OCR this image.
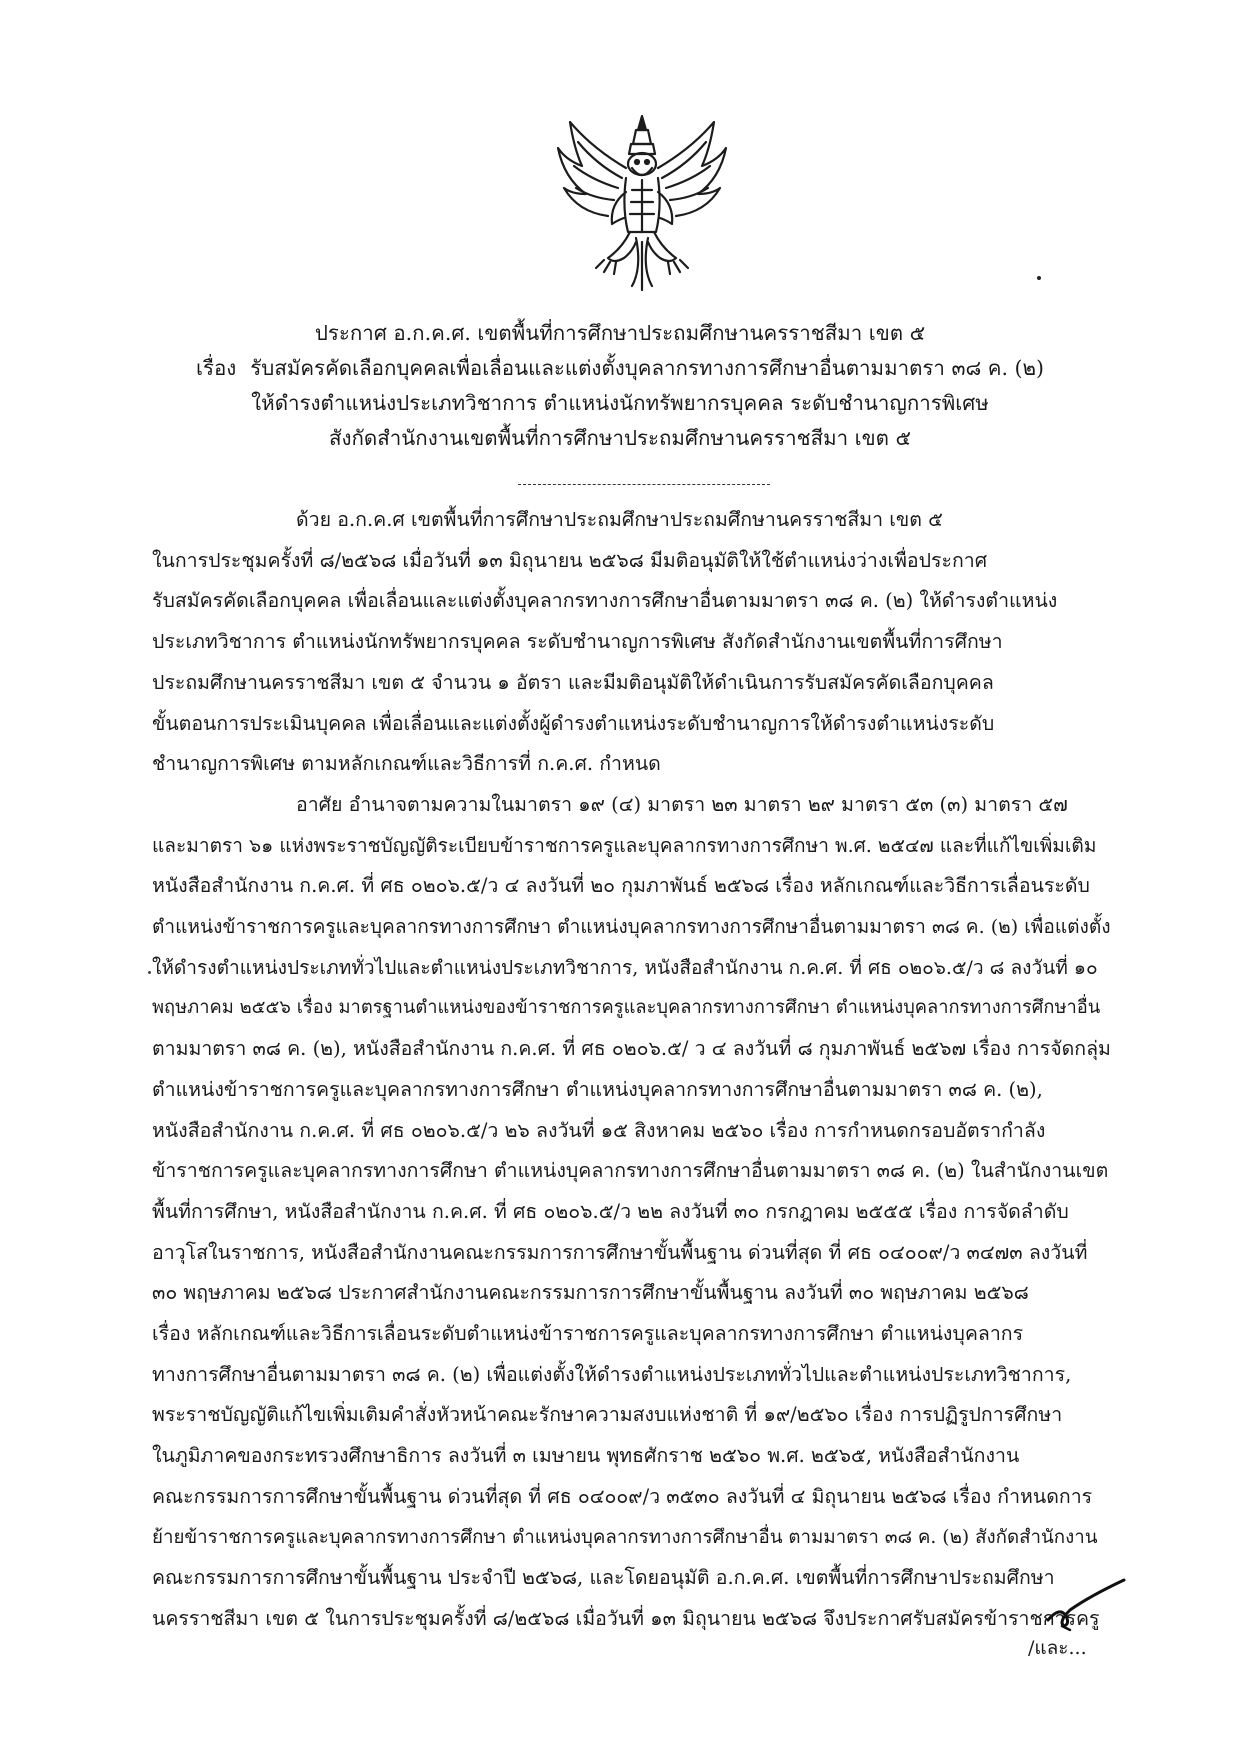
ประกาศ อ.ก.ค.ศ. เขตพื้นที่การศึกษาประถมศึกษานครราชสีมา เขต ๕
เรื่อง รับสมัครคัดเลือกบุคคลเพื่อเลื่อนและแต่งตั้งบุคลากรทางการศึกษาอื่นตามมาตรา ๓๘ ค. (๒)
ให้ดำรงตำแหน่งประเภทวิชาการ ตำแหน่งนักทรัพยากรบุคคล ระดับชำนาญการพิเศษ
สังกัดสำนักงานเขตพื้นที่การศึกษาประถมศึกษานครราชสีมา เขต ๕
ด้วย อ.ก.ค.ศ เขตพื้นที่การศึกษาประถมศึกษาประถมศึกษานครราชสีมา เขต ๕
ในการประชุมครั้งที่ ๘/๒๕๖๘ เมื่อวันที่ ๑๓ มิถุนายน ๒๕๖๘ มีมติอนุมัติให้ใช้ตำแหน่งว่างเพื่อประกาศ
รับสมัครคัดเลือกบุคคล เพื่อเลื่อนและแต่งตั้งบุคลากรทางการศึกษาอื่นตามมาตรา ๓๘ ค. (๒) ให้ดำรงตำแหน่ง
ประเภทวิชาการ ตำแหน่งนักทรัพยากรบุคคล ระดับชำนาญการพิเศษ สังกัดสำนักงานเขตพื้นที่การศึกษา
ประถมศึกษานครราชสีมา เขต ๕ จำนวน ๑ อัตรา และมีมติอนุมัติให้ดำเนินการรับสมัครคัดเลือกบุคคล
ขั้นตอนการประเมินบุคคล เพื่อเลื่อนและแต่งตั้งผู้ดำรงตำแหน่งระดับชำนาญการให้ดำรงตำแหน่งระดับ
ชำนาญการพิเศษ ตามหลักเกณฑ์และวิธีการที่ ก.ค.ศ. กำหนด
อาศัย อำนาจตามความในมาตรา ๑๙ (๔) มาตรา ๒๓ มาตรา ๒๙ มาตรา ๕๓ (๓) มาตรา ๕๗
และมาตรา ๖๑ แห่งพระราชบัญญัติระเบียบข้าราชการครูและบุคลากรทางการศึกษา พ.ศ. ๒๕๔๗ และที่แก้ไขเพิ่มเติม
หนังสือสำนักงาน ก.ค.ศ. ที่ ศธ ๐๒๐๖.๕/ว ๔ ลงวันที่ ๒๐ กุมภาพันธ์ ๒๕๖๘ เรื่อง หลักเกณฑ์และวิธีการเลื่อนระดับ
ตำแหน่งข้าราชการครูและบุคลากรทางการศึกษา ตำแหน่งบุคลากรทางการศึกษาอื่นตามมาตรา ๓๘ ค. (๒) เพื่อแต่งตั้ง
ให้ดำรงตำแหน่งประเภททั่วไปและตำแหน่งประเภทวิชาการ, หนังสือสำนักงาน ก.ค.ศ. ที่ ศธ ๐๒๐๖.๕/ว ๘ ลงวันที่ ๑๐
พฤษภาคม ๒๕๕๖ เรื่อง มาตรฐานตำแหน่งของข้าราชการครูและบุคลากรทางการศึกษา ตำแหน่งบุคลากรทางการศึกษาอื่น
ตามมาตรา ๓๘ ค. (๒), หนังสือสำนักงาน ก.ค.ศ. ที่ ศธ ๐๒๐๖.๕/ ว ๔ ลงวันที่ ๘ กุมภาพันธ์ ๒๕๖๗ เรื่อง การจัดกลุ่ม
ตำแหน่งข้าราชการครูและบุคลากรทางการศึกษา ตำแหน่งบุคลากรทางการศึกษาอื่นตามมาตรา ๓๘ ค. (๒),
หนังสือสำนักงาน ก.ค.ศ. ที่ ศธ ๐๒๐๖.๕/ว ๒๖ ลงวันที่ ๑๕ สิงหาคม ๒๕๖๐ เรื่อง การกำหนดกรอบอัตรากำลัง
ข้าราชการครูและบุคลากรทางการศึกษา ตำแหน่งบุคลากรทางการศึกษาอื่นตามมาตรา ๓๘ ค. (๒) ในสำนักงานเขต
พื้นที่การศึกษา, หนังสือสำนักงาน ก.ค.ศ. ที่ ศธ ๐๒๐๖.๕/ว ๒๒ ลงวันที่ ๓๐ กรกฎาคม ๒๕๕๕ เรื่อง การจัดลำดับ
อาวุโสในราชการ, หนังสือสำนักงานคณะกรรมการการศึกษาขั้นพื้นฐาน ด่วนที่สุด ที่ ศธ ๐๔๐๐๙/ว ๓๔๗๓ ลงวันที่
๓๐ พฤษภาคม ๒๕๖๘ ประกาศสำนักงานคณะกรรมการการศึกษาขั้นพื้นฐาน ลงวันที่ ๓๐ พฤษภาคม ๒๕๖๘
เรื่อง หลักเกณฑ์และวิธีการเลื่อนระดับตำแหน่งข้าราชการครูและบุคลากรทางการศึกษา ตำแหน่งบุคลากร
ทางการศึกษาอื่นตามมาตรา ๓๘ ค. (๒) เพื่อแต่งตั้งให้ดำรงตำแหน่งประเภททั่วไปและตำแหน่งประเภทวิชาการ,
พระราชบัญญัติแก้ไขเพิ่มเติมคำสั่งหัวหน้าคณะรักษาความสงบแห่งชาติ ที่ ๑๙/๒๕๖๐ เรื่อง การปฏิรูปการศึกษา
ในภูมิภาคของกระทรวงศึกษาธิการ ลงวันที่ ๓ เมษายน พุทธศักราช ๒๕๖๐ พ.ศ. ๒๕๖๕, หนังสือสำนักงาน
คณะกรรมการการศึกษาขั้นพื้นฐาน ด่วนที่สุด ที่ ศธ ๐๔๐๐๙/ว ๓๕๓๐ ลงวันที่ ๔ มิถุนายน ๒๕๖๘ เรื่อง กำหนดการ
ย้ายข้าราชการครูและบุคลากรทางการศึกษา ตำแหน่งบุคลากรทางการศึกษาอื่น ตามมาตรา ๓๘ ค. (๒) สังกัดสำนักงาน
คณะกรรมการการศึกษาขั้นพื้นฐาน ประจำปี ๒๕๖๘, และโดยอนุมัติ อ.ก.ค.ศ. เขตพื้นที่การศึกษาประถมศึกษา
นครราชสีมา เขต ๕ ในการประชุมครั้งที่ ๘/๒๕๖๘ เมื่อวันที่ ๑๓ มิถุนายน ๒๕๖๘ จึงประกาศรับสมัครข้าราชการครู
/และ...
